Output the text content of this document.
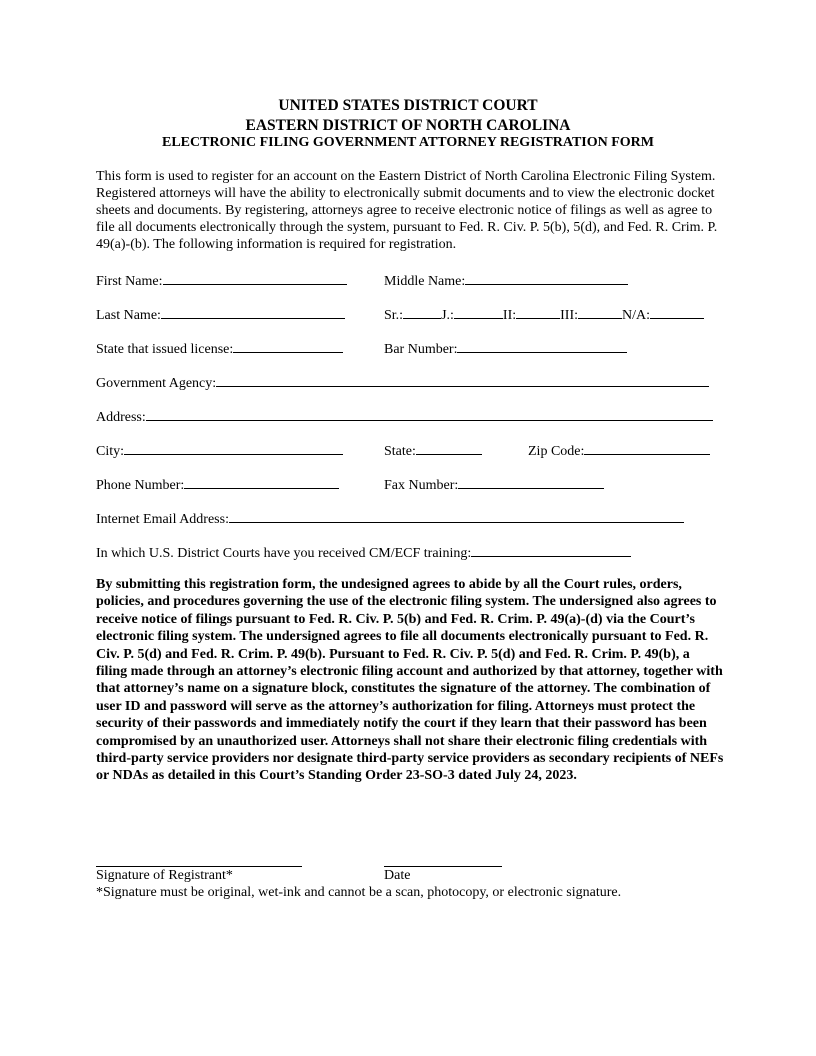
UNITED STATES DISTRICT COURT
EASTERN DISTRICT OF NORTH CAROLINA
ELECTRONIC FILING GOVERNMENT ATTORNEY REGISTRATION FORM
This form is used to register for an account on the Eastern District of North Carolina Electronic Filing System. Registered attorneys will have the ability to electronically submit documents and to view the electronic docket sheets and documents. By registering, attorneys agree to receive electronic notice of filings as well as agree to file all documents electronically through the system, pursuant to Fed. R. Civ. P. 5(b), 5(d), and Fed. R. Crim. P. 49(a)-(b). The following information is required for registration.
First Name:	Middle Name:
Last Name:	Sr.:	J.:	II:	III:	N/A:
State that issued license:	Bar Number:
Government Agency:
Address:
City:	State:	Zip Code:
Phone Number:	Fax Number:
Internet Email Address:
In which U.S. District Courts have you received CM/ECF training:
By submitting this registration form, the undesigned agrees to abide by all the Court rules, orders, policies, and procedures governing the use of the electronic filing system. The undersigned also agrees to receive notice of filings pursuant to Fed. R. Civ. P. 5(b) and Fed. R. Crim. P. 49(a)-(d) via the Court’s electronic filing system. The undersigned agrees to file all documents electronically pursuant to Fed. R. Civ. P. 5(d) and Fed. R. Crim. P. 49(b). Pursuant to Fed. R. Civ. P. 5(d) and Fed. R. Crim. P. 49(b), a filing made through an attorney’s electronic filing account and authorized by that attorney, together with that attorney’s name on a signature block, constitutes the signature of the attorney. The combination of user ID and password will serve as the attorney’s authorization for filing. Attorneys must protect the security of their passwords and immediately notify the court if they learn that their password has been compromised by an unauthorized user. Attorneys shall not share their electronic filing credentials with third-party service providers nor designate third-party service providers as secondary recipients of NEFs or NDAs as detailed in this Court’s Standing Order 23-SO-3 dated July 24, 2023.
Signature of Registrant*	Date
*Signature must be original, wet-ink and cannot be a scan, photocopy, or electronic signature.
